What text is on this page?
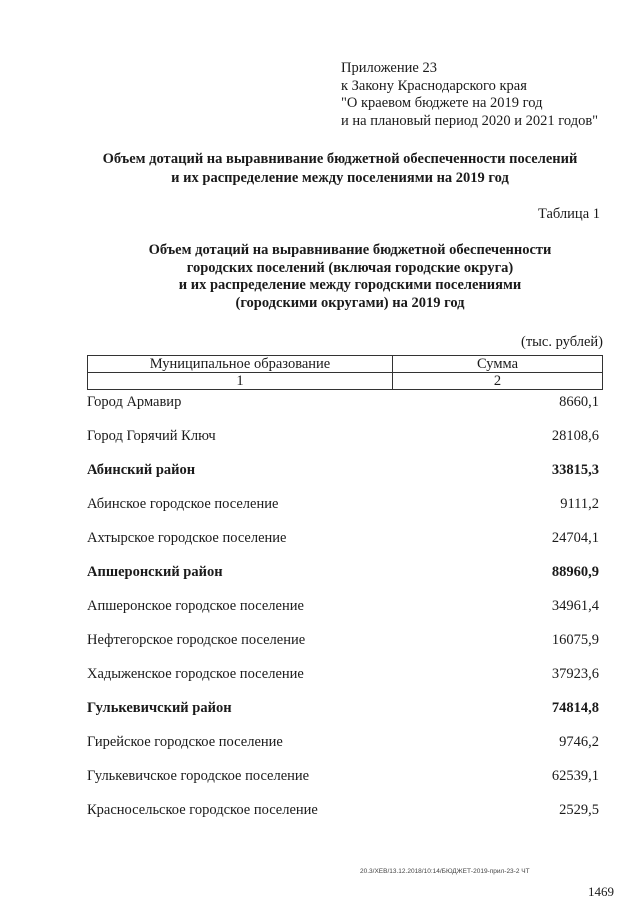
Приложение 23
к Закону Краснодарского края
"О краевом бюджете на 2019 год
и на плановый период 2020 и 2021 годов"
Объем дотаций на выравнивание бюджетной обеспеченности поселений
и их распределение между поселениями на 2019 год
Таблица 1
Объем дотаций на выравнивание бюджетной обеспеченности
городских поселений (включая городские округа)
и их распределение между городскими поселениями
(городскими округами) на 2019 год
(тыс. рублей)
Муниципальное образование	Сумма
1	2
Город Армавир	8660,1
Город Горячий Ключ	28108,6
Абинский район	33815,3
Абинское городское поселение	9111,2
Ахтырское городское поселение	24704,1
Апшеронский район	88960,9
Апшеронское городское поселение	34961,4
Нефтегорское городское поселение	16075,9
Хадыженское городское поселение	37923,6
Гулькевичский район	74814,8
Гирейское городское поселение	9746,2
Гулькевичское городское поселение	62539,1
Красносельское городское поселение	2529,5
20.3/ХЕВ/13.12.2018/10:14/БЮДЖЕТ-2019-прил-23-2 ЧТ
1469
